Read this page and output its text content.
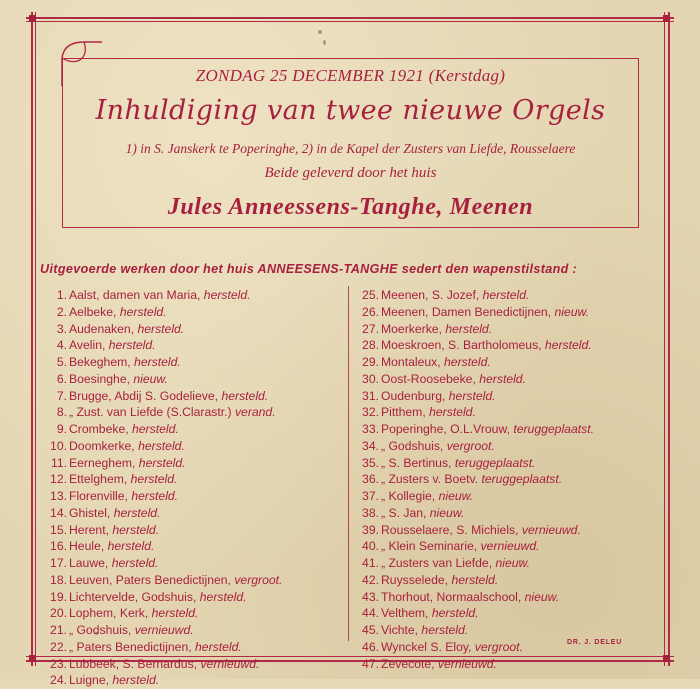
ZONDAG 25 DECEMBER 1921 (Kerstdag)
Inhuldiging van twee nieuwe Orgels
1) in S. Janskerk te Poperinghe, 2) in de Kapel der Zusters van Liefde, Rousselaere
Beide geleverd door het huis
Jules Anneessens-Tanghe, Meenen
Uitgevoerde werken door het huis ANNEESENS-TANGHE sedert den wapenstilstand :
1. Aalst, damen van Maria, hersteld.
2. Aelbeke, hersteld.
3. Audenaken, hersteld.
4. Avelin, hersteld.
5. Bekeghem, hersteld.
6. Boesinghe, nieuw.
7. Brugge, Abdij S. Godelieve, hersteld.
8. „ Zust. van Liefde (S.Clarastr.) verand.
9. Crombeke, hersteld.
10. Doomkerke, hersteld.
11. Eerneghem, hersteld.
12. Ettelghem, hersteld.
13. Florenville, hersteld.
14. Ghistel, hersteld.
15. Herent, hersteld.
16. Heule, hersteld.
17. Lauwe, hersteld.
18. Leuven, Paters Benedictijnen, vergroot.
19. Lichtervelde, Godshuis, hersteld.
20. Lophem, Kerk, hersteld.
21. „ Godshuis, vernieuwd.
22. „ Paters Benedictijnen, hersteld.
23. Lubbeek, S. Bernardus, vernieuwd.
24. Luigne, hersteld.
25. Meenen, S. Jozef, hersteld.
26. Meenen, Damen Benedictijnen, nieuw.
27. Moerkerke, hersteld.
28. Moeskroen, S. Bartholomeus, hersteld.
29. Montaleux, hersteld.
30. Oost-Roosebeke, hersteld.
31. Oudenburg, hersteld.
32. Pitthem, hersteld.
33. Poperinghe, O.L.Vrouw, teruggeplaatst.
34. „ Godshuis, vergroot.
35. „ S. Bertinus, teruggeplaatst.
36. „ Zusters v. Boetv. teruggeplaatst.
37. „ Kollegie, nieuw.
38. „ S. Jan, nieuw.
39. Rousselaere, S. Michiels, vernieuwd.
40. „ Klein Seminarie, vernieuwd.
41. „ Zusters van Liefde, nieuw.
42. Ruysselede, hersteld.
43. Thorhout, Normaalschool, nieuw.
44. Velthem, hersteld.
45. Vichte, hersteld.
46. Wynckel S. Eloy, vergroot.
47. Zevecote, vernieuwd.
DR. J. DELEU
